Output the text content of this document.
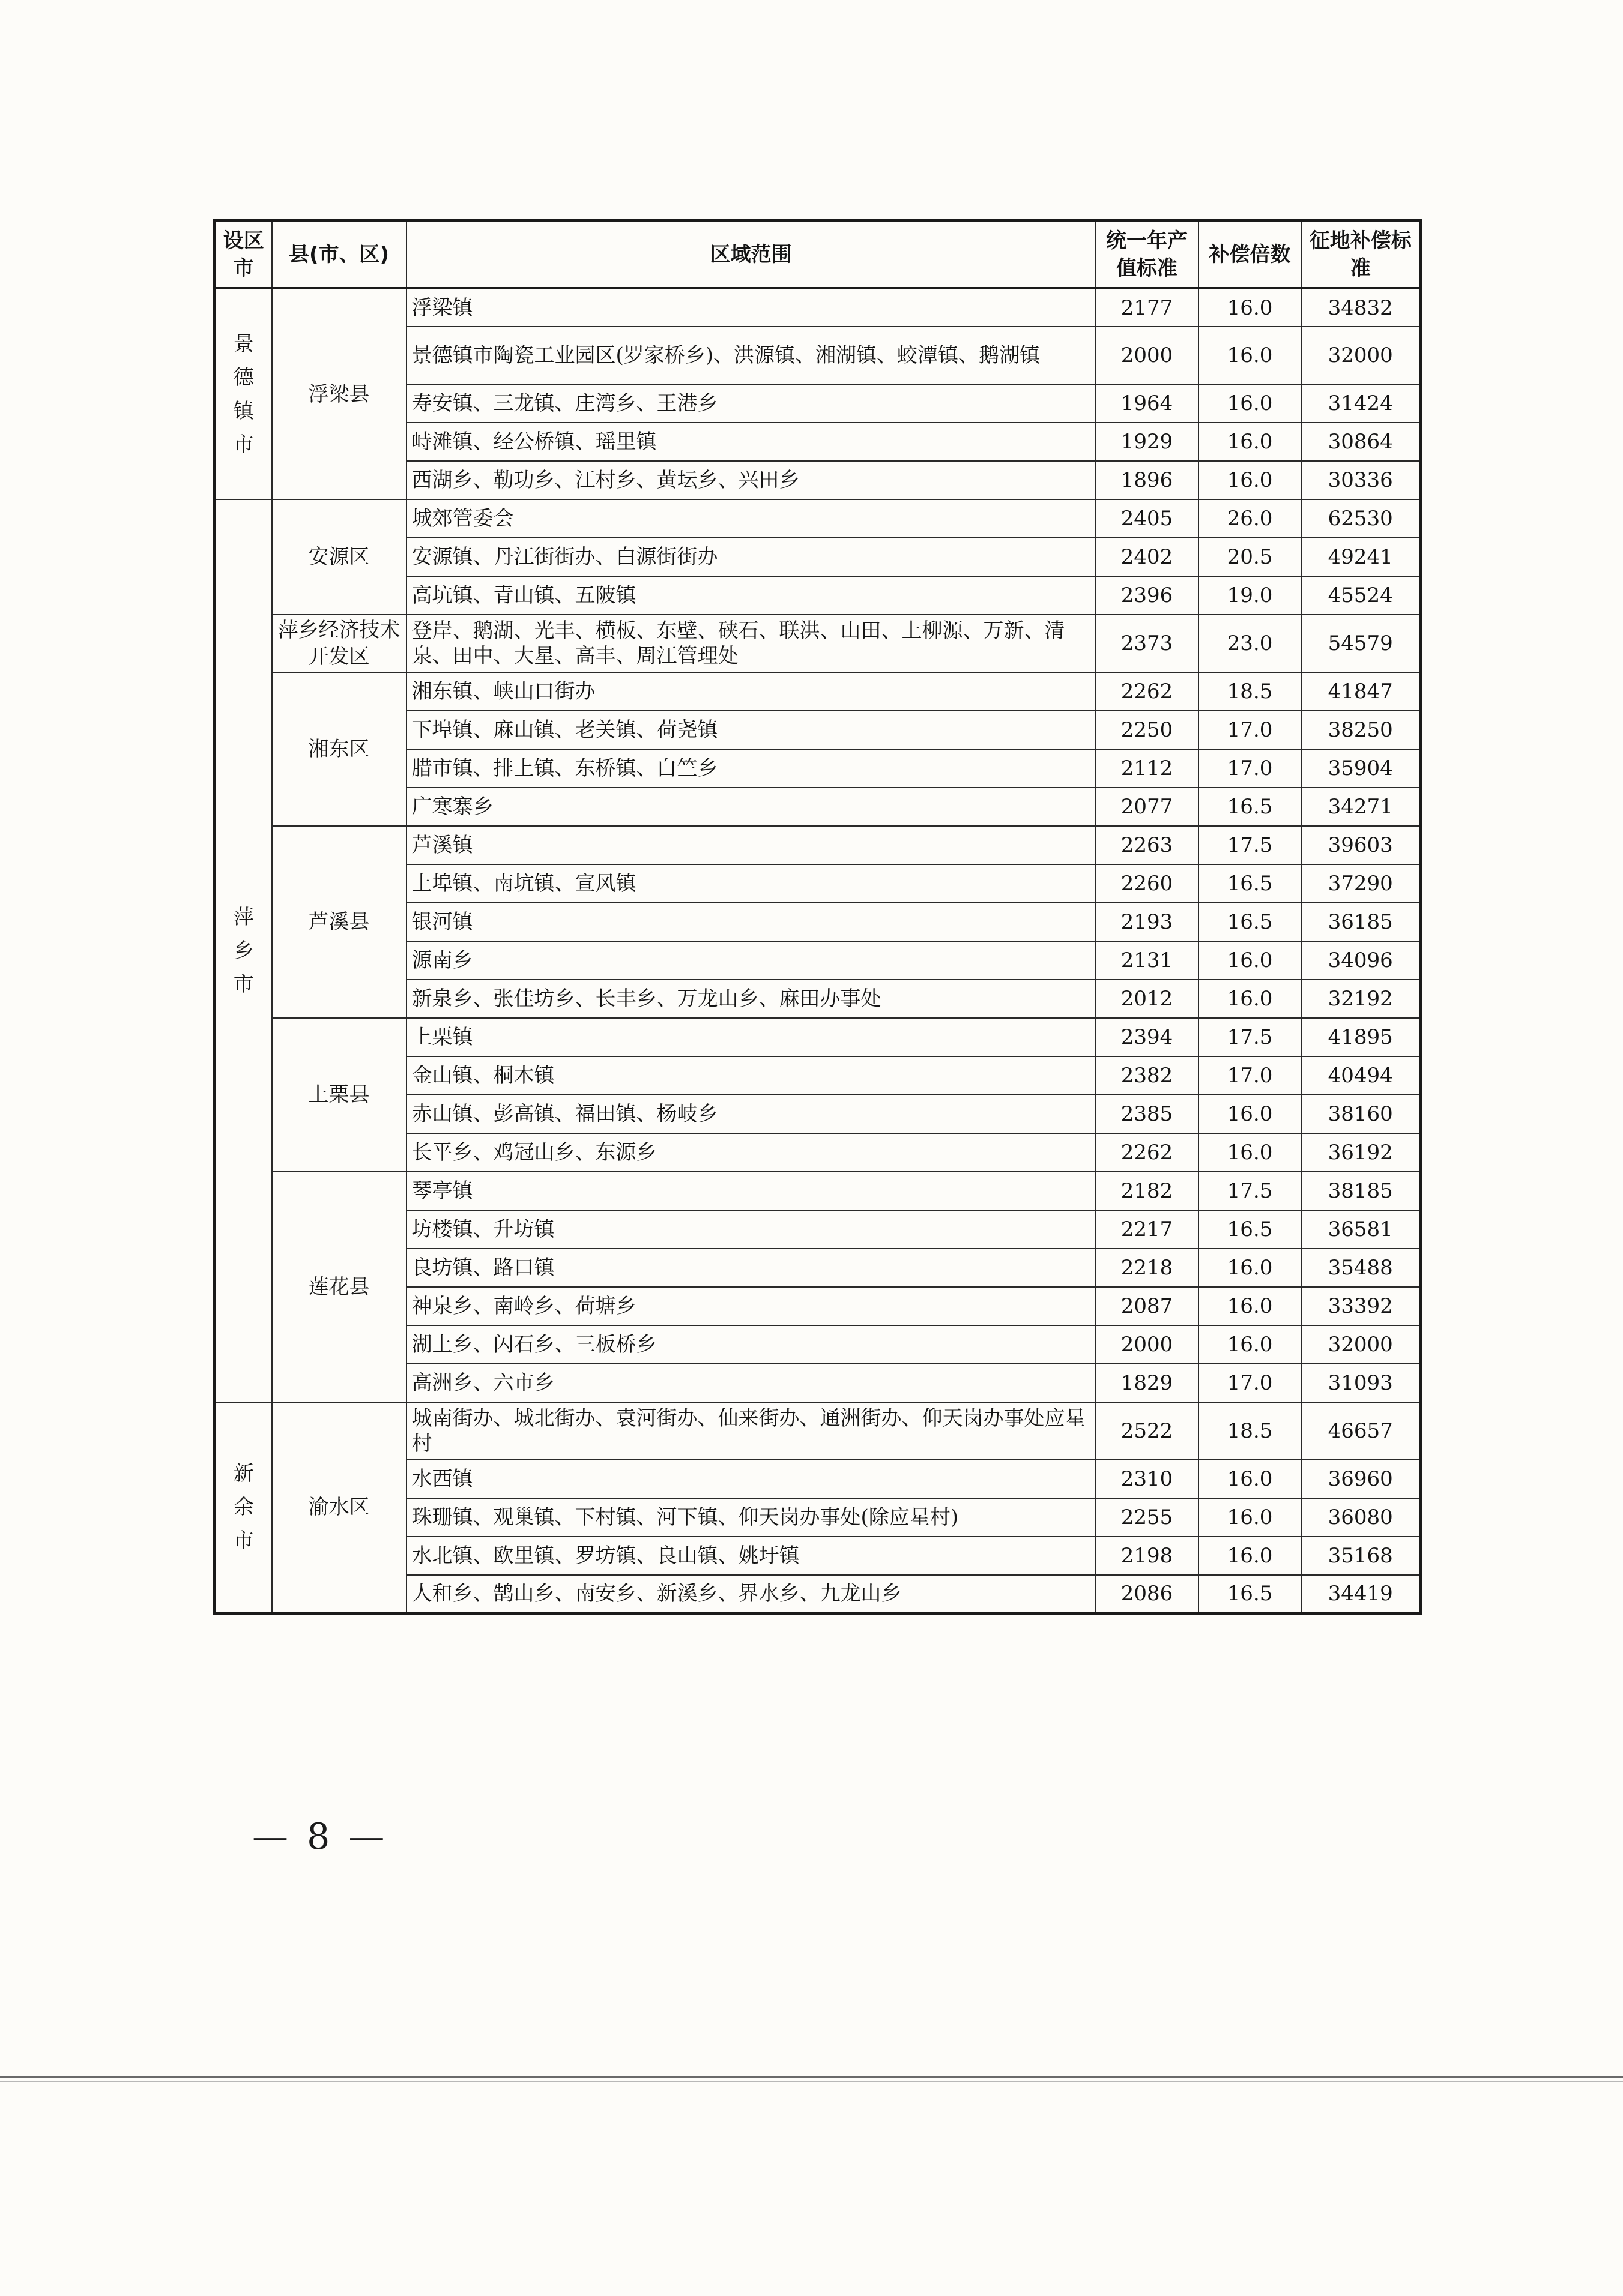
设区市	县(市、区)	区域范围	统一年产值标准	补偿倍数	征地补偿标准

景
德
镇
市	浮梁县	浮梁镇	2177	16.0	34832
		景德镇市陶瓷工业园区(罗家桥乡)、洪源镇、湘湖镇、蛟潭镇、鹅湖镇	2000	16.0	32000
		寿安镇、三龙镇、庄湾乡、王港乡	1964	16.0	31424
		峙滩镇、经公桥镇、瑶里镇	1929	16.0	30864
		西湖乡、勒功乡、江村乡、黄坛乡、兴田乡	1896	16.0	30336

萍
乡
市	安源区	城郊管委会	2405	26.0	62530
		安源镇、丹江街街办、白源街街办	2402	20.5	49241
		高坑镇、青山镇、五陂镇	2396	19.0	45524
	萍乡经济技术开发区	登岸、鹅湖、光丰、横板、东壁、硖石、联洪、山田、上柳源、万新、清泉、田中、大星、高丰、周江管理处	2373	23.0	54579
	湘东区	湘东镇、峡山口街办	2262	18.5	41847
		下埠镇、麻山镇、老关镇、荷尧镇	2250	17.0	38250
		腊市镇、排上镇、东桥镇、白竺乡	2112	17.0	35904
		广寒寨乡	2077	16.5	34271
	芦溪县	芦溪镇	2263	17.5	39603
		上埠镇、南坑镇、宣风镇	2260	16.5	37290
		银河镇	2193	16.5	36185
		源南乡	2131	16.0	34096
		新泉乡、张佳坊乡、长丰乡、万龙山乡、麻田办事处	2012	16.0	32192
	上栗县	上栗镇	2394	17.5	41895
		金山镇、桐木镇	2382	17.0	40494
		赤山镇、彭高镇、福田镇、杨岐乡	2385	16.0	38160
		长平乡、鸡冠山乡、东源乡	2262	16.0	36192
	莲花县	琴亭镇	2182	17.5	38185
		坊楼镇、升坊镇	2217	16.5	36581
		良坊镇、路口镇	2218	16.0	35488
		神泉乡、南岭乡、荷塘乡	2087	16.0	33392
		湖上乡、闪石乡、三板桥乡	2000	16.0	32000
		高洲乡、六市乡	1829	17.0	31093

新
余
市	渝水区	城南街办、城北街办、袁河街办、仙来街办、通洲街办、仰天岗办事处应星村	2522	18.5	46657
		水西镇	2310	16.0	36960
		珠珊镇、观巢镇、下村镇、河下镇、仰天岗办事处(除应星村)	2255	16.0	36080
		水北镇、欧里镇、罗坊镇、良山镇、姚圩镇	2198	16.0	35168
		人和乡、鹄山乡、南安乡、新溪乡、界水乡、九龙山乡	2086	16.5	34419
— 8 —
